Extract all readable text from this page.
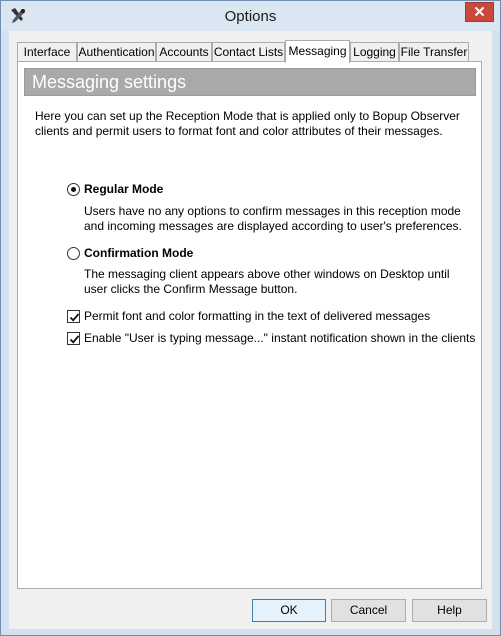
Options
Interface Authentication Accounts Contact Lists Messaging Logging File Transfer
Messaging settings
Here you can set up the Reception Mode that is applied only to Bopup Observer clients and permit users to format font and color attributes of their messages.
Regular Mode
Users have no any options to confirm messages in this reception mode and incoming messages are displayed according to user's preferences.
Confirmation Mode
The messaging client appears above other windows on Desktop until user clicks the Confirm Message button.
Permit font and color formatting in the text of delivered messages
Enable "User is typing message..." instant notification shown in the clients
OK	Cancel	Help
